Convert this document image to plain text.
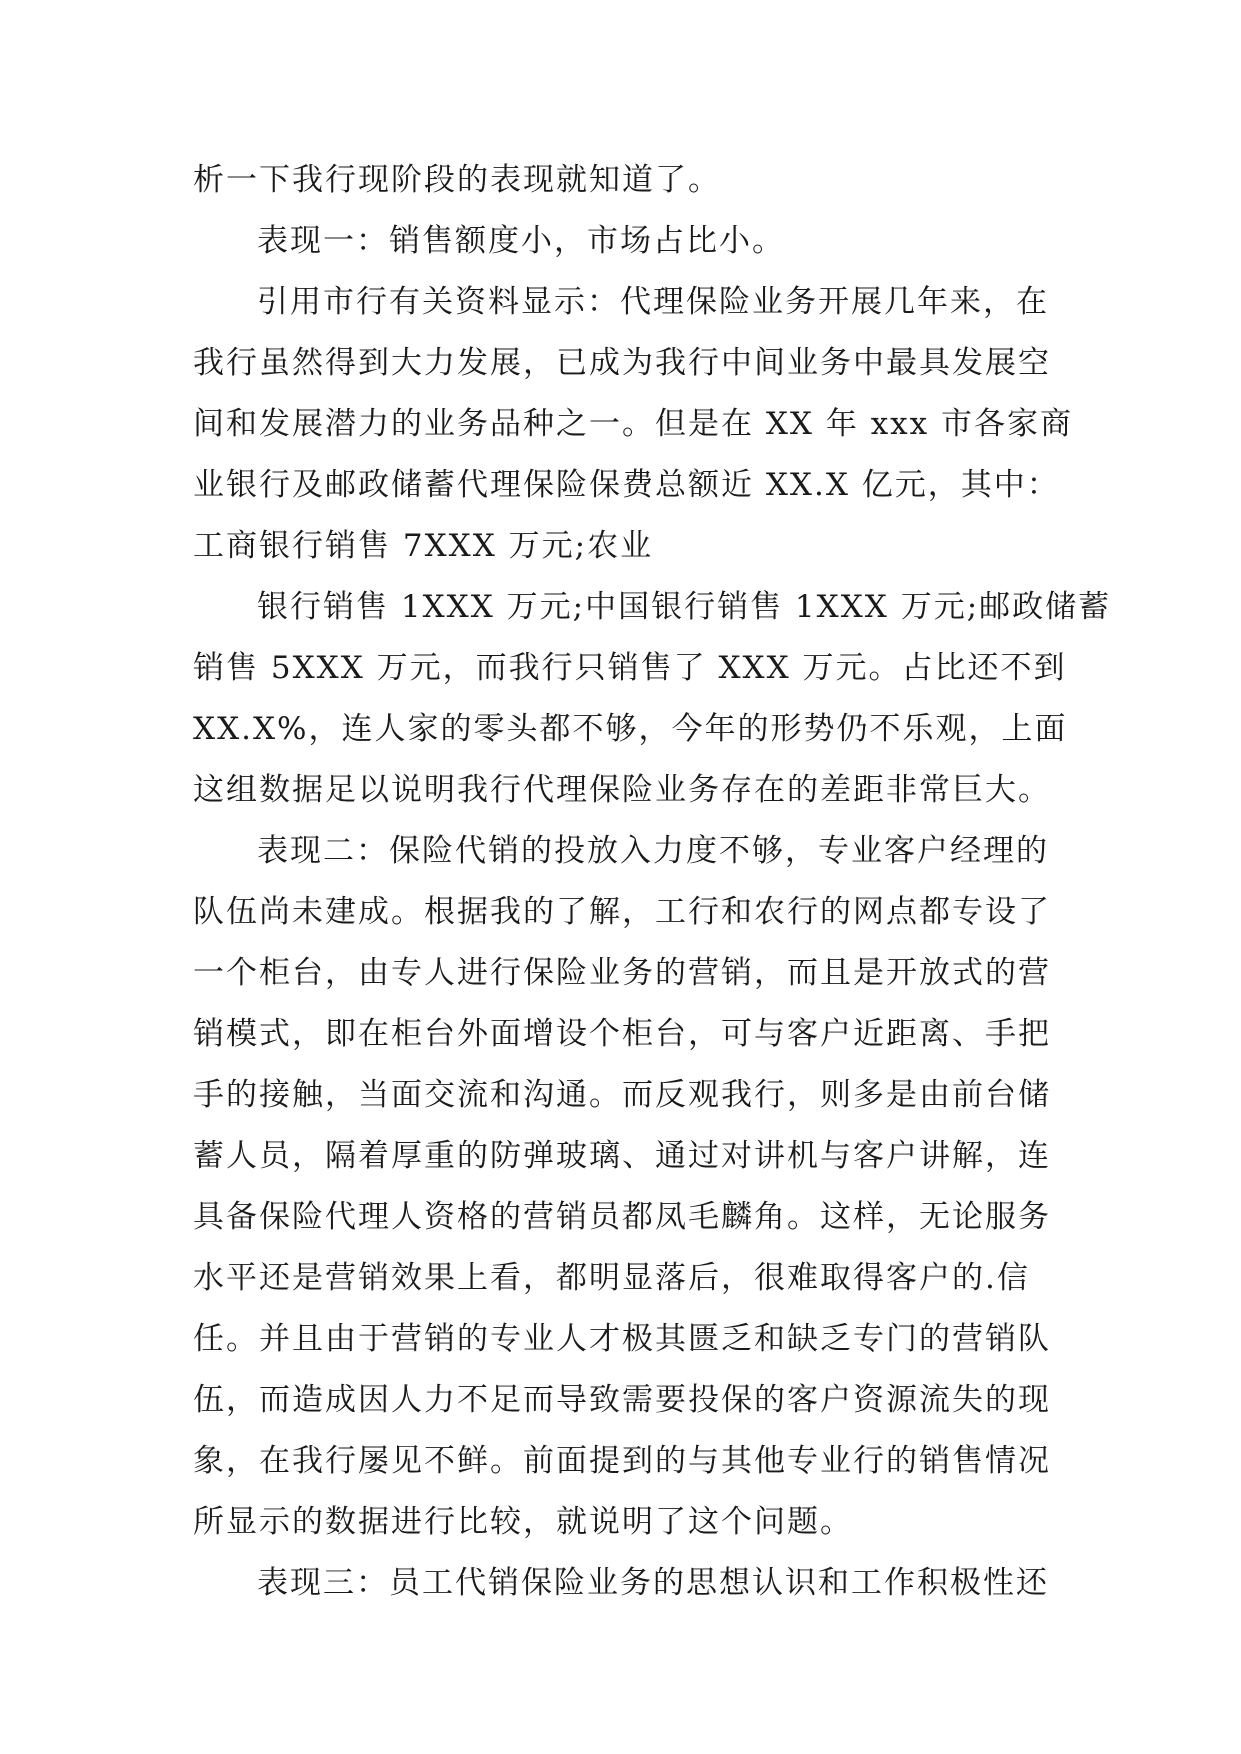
析一下我行现阶段的表现就知道了。
表现一：销售额度小，市场占比小。
引用市行有关资料显示：代理保险业务开展几年来，在
我行虽然得到大力发展，已成为我行中间业务中最具发展空
间和发展潜力的业务品种之一。但是在 XX 年 xxx 市各家商
业银行及邮政储蓄代理保险保费总额近 XX.X 亿元，其中：
工商银行销售 7XXX 万元;农业
银行销售 1XXX 万元;中国银行销售 1XXX 万元;邮政储蓄
销售 5XXX 万元，而我行只销售了 XXX 万元。占比还不到
XX.X%，连人家的零头都不够，今年的形势仍不乐观，上面
这组数据足以说明我行代理保险业务存在的差距非常巨大。
表现二：保险代销的投放入力度不够，专业客户经理的
队伍尚未建成。根据我的了解，工行和农行的网点都专设了
一个柜台，由专人进行保险业务的营销，而且是开放式的营
销模式，即在柜台外面增设个柜台，可与客户近距离、手把
手的接触，当面交流和沟通。而反观我行，则多是由前台储
蓄人员，隔着厚重的防弹玻璃、通过对讲机与客户讲解，连
具备保险代理人资格的营销员都凤毛麟角。这样，无论服务
水平还是营销效果上看，都明显落后，很难取得客户的.信
任。并且由于营销的专业人才极其匮乏和缺乏专门的营销队
伍，而造成因人力不足而导致需要投保的客户资源流失的现
象，在我行屡见不鲜。前面提到的与其他专业行的销售情况
所显示的数据进行比较，就说明了这个问题。
表现三：员工代销保险业务的思想认识和工作积极性还
